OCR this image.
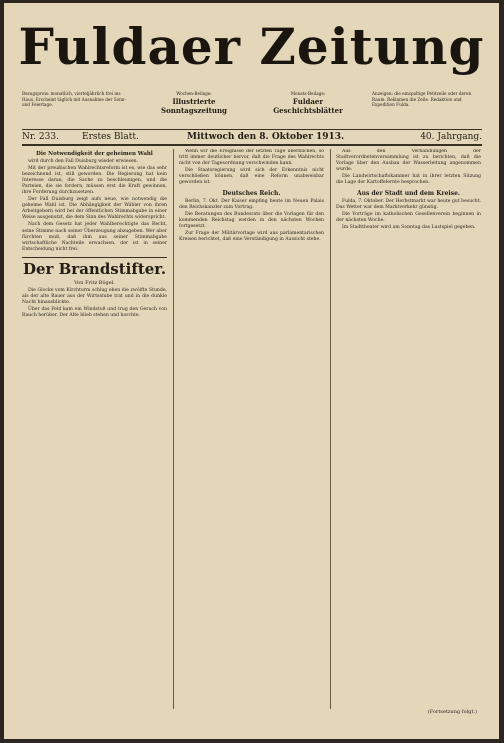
Fuldaer Zeitung
Bezugspreis: monatlich, vierteljährlich frei ins Haus. Erscheint täglich mit Ausnahme der Sonn- und Feiertage.
Wochen-Beilage:
Illustrierte Sonntagszeitung
Monats-Beilage:
Fuldaer Geschichtsblätter
Anzeigen: die einspaltige Petitzeile oder deren Raum. Reklamen die Zeile. Redaktion und Expedition Fulda.
Nr. 233.	Erstes Blatt.	Mittwoch den 8. Oktober 1913.	40. Jahrgang.
Die Notwendigkeit der geheimen Wahl

wird durch den Fall Duisburg wieder erwiesen.

Mit der preußischen Wahlrechtsreform ist es, wie das sehr bezeichnend ist, still geworden. Die Regierung hat kein Interesse daran, die Sache zu beschleunigen, und die Parteien, die sie fordern, müssen erst die Kraft gewinnen, ihre Forderung durchzusetzen.

Der Fall Duisburg zeigt aufs neue, wie notwendig die geheime Wahl ist. Die Abhängigkeit der Wähler von ihren Arbeitgebern wird bei der öffentlichen Stimmabgabe in einer Weise ausgenutzt, die dem Sinn des Wahlrechts widerspricht.

Nach dem Gesetz hat jeder Wahlberechtigte das Recht, seine Stimme nach seiner Überzeugung abzugeben. Wer aber fürchten muß, daß ihm aus seiner Stimmabgabe wirtschaftliche Nachteile erwachsen, der ist in seiner Entscheidung nicht frei.

Der Brandstifter.
Von Fritz Bögel.

Die Glocke vom Kirchturm schlug eben die zwölfte Stunde, als der alte Bauer aus der Wirtsstube trat und in die dunkle Nacht hinausblickte.

Über das Feld kam ein Windstoß und trug den Geruch von Rauch herüber. Der Alte blieb stehen und horchte.

Wenn wir die Ereignisse der letzten Tage überblicken, so tritt immer deutlicher hervor, daß die Frage des Wahlrechts nicht von der Tagesordnung verschwinden kann.

Die Staatsregierung wird sich der Erkenntnis nicht verschließen können, daß eine Reform unabweisbar geworden ist.

Deutsches Reich.

Berlin, 7. Okt. Der Kaiser empfing heute im Neuen Palais den Reichskanzler zum Vortrag.

Die Beratungen des Bundesrats über die Vorlagen für den kommenden Reichstag werden in den nächsten Wochen fortgesetzt.

Zur Frage der Militärvorlage wird aus parlamentarischen Kreisen berichtet, daß eine Verständigung in Aussicht stehe.

Aus den Verhandlungen der Stadtverordnetenversammlung ist zu berichten, daß die Vorlage über den Ausbau der Wasserleitung angenommen wurde.

Die Landwirtschaftskammer hat in ihrer letzten Sitzung die Lage der Kartoffelernte besprochen.

Aus der Stadt und dem Kreise.

Fulda, 7. Oktober. Der Herbstmarkt war heute gut besucht. Das Wetter war dem Marktverkehr günstig.

Die Vorträge im katholischen Gesellenverein beginnen in der nächsten Woche.

Im Stadttheater wird am Sonntag das Lustspiel gegeben.

(Fortsetzung folgt.)
